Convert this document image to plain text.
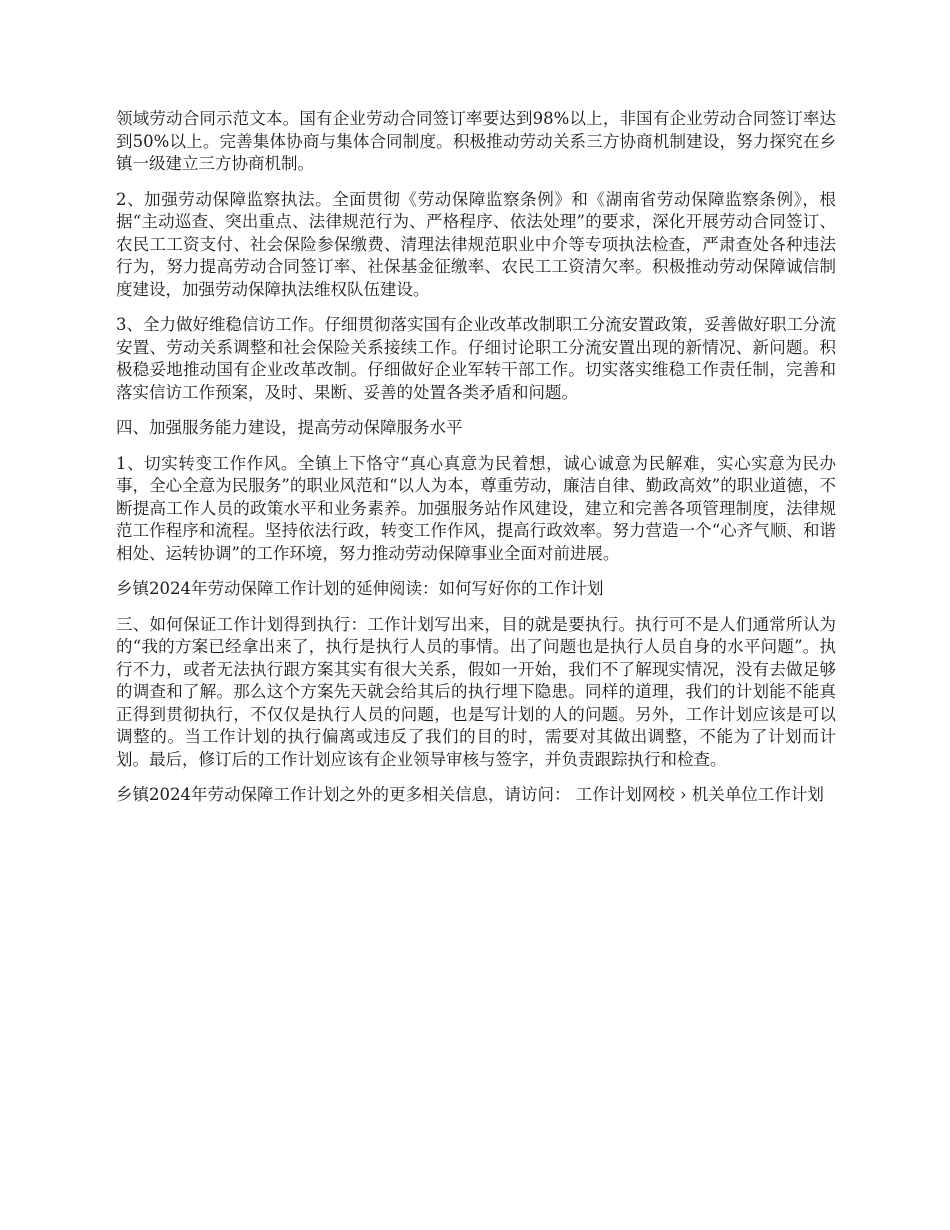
领域劳动合同示范文本。国有企业劳动合同签订率要达到98%以上，非国有企业劳动合同签订率达到50%以上。完善集体协商与集体合同制度。积极推动劳动关系三方协商机制建设，努力探究在乡镇一级建立三方协商机制。

2、加强劳动保障监察执法。全面贯彻《劳动保障监察条例》和《湖南省劳动保障监察条例》，根据“主动巡查、突出重点、法律规范行为、严格程序、依法处理”的要求，深化开展劳动合同签订、农民工工资支付、社会保险参保缴费、清理法律规范职业中介等专项执法检查，严肃查处各种违法行为，努力提高劳动合同签订率、社保基金征缴率、农民工工资清欠率。积极推动劳动保障诚信制度建设，加强劳动保障执法维权队伍建设。

3、全力做好维稳信访工作。仔细贯彻落实国有企业改革改制职工分流安置政策，妥善做好职工分流安置、劳动关系调整和社会保险关系接续工作。仔细讨论职工分流安置出现的新情况、新问题。积极稳妥地推动国有企业改革改制。仔细做好企业军转干部工作。切实落实维稳工作责任制，完善和落实信访工作预案，及时、果断、妥善的处置各类矛盾和问题。

四、加强服务能力建设，提高劳动保障服务水平

1、切实转变工作作风。全镇上下恪守“真心真意为民着想，诚心诚意为民解难，实心实意为民办事，全心全意为民服务”的职业风范和“以人为本，尊重劳动，廉洁自律、勤政高效”的职业道德，不断提高工作人员的政策水平和业务素养。加强服务站作风建设，建立和完善各项管理制度，法律规范工作程序和流程。坚持依法行政，转变工作作风，提高行政效率。努力营造一个“心齐气顺、和谐相处、运转协调”的工作环境，努力推动劳动保障事业全面对前进展。

乡镇2024年劳动保障工作计划的延伸阅读：如何写好你的工作计划

三、如何保证工作计划得到执行：工作计划写出来，目的就是要执行。执行可不是人们通常所认为的“我的方案已经拿出来了，执行是执行人员的事情。出了问题也是执行人员自身的水平问题”。执行不力，或者无法执行跟方案其实有很大关系，假如一开始，我们不了解现实情况，没有去做足够的调查和了解。那么这个方案先天就会给其后的执行埋下隐患。同样的道理，我们的计划能不能真正得到贯彻执行，不仅仅是执行人员的问题，也是写计划的人的问题。另外，工作计划应该是可以调整的。当工作计划的执行偏离或违反了我们的目的时，需要对其做出调整，不能为了计划而计划。最后，修订后的工作计划应该有企业领导审核与签字，并负责跟踪执行和检查。

乡镇2024年劳动保障工作计划之外的更多相关信息，请访问： 工作计划网校 › 机关单位工作计划
